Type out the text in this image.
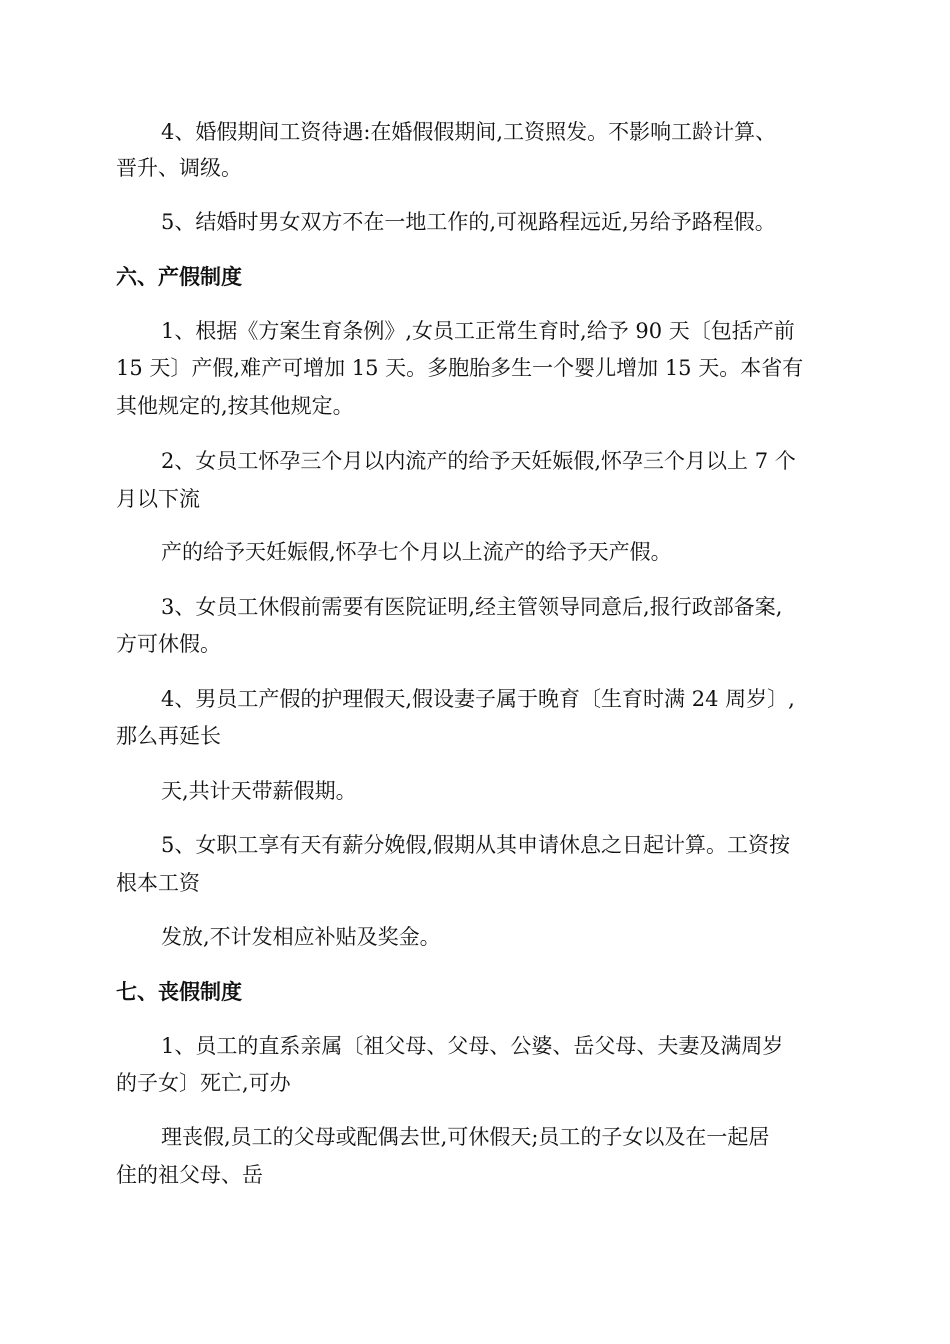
4、婚假期间工资待遇:在婚假假期间,工资照发。不影响工龄计算、
晋升、调级。
5、结婚时男女双方不在一地工作的,可视路程远近,另给予路程假。
六、产假制度
1、根据《方案生育条例》,女员工正常生育时,给予 90 天〔包括产前
15 天〕产假,难产可增加 15 天。多胞胎多生一个婴儿增加 15 天。本省有
其他规定的,按其他规定。
2、女员工怀孕三个月以内流产的给予天妊娠假,怀孕三个月以上 7 个
月以下流
产的给予天妊娠假,怀孕七个月以上流产的给予天产假。
3、女员工休假前需要有医院证明,经主管领导同意后,报行政部备案,
方可休假。
4、男员工产假的护理假天,假设妻子属于晚育〔生育时满 24 周岁〕,
那么再延长
天,共计天带薪假期。
5、女职工享有天有薪分娩假,假期从其申请休息之日起计算。工资按
根本工资
发放,不计发相应补贴及奖金。
七、丧假制度
1、员工的直系亲属〔祖父母、父母、公婆、岳父母、夫妻及满周岁
的子女〕死亡,可办
理丧假,员工的父母或配偶去世,可休假天;员工的子女以及在一起居
住的祖父母、岳
